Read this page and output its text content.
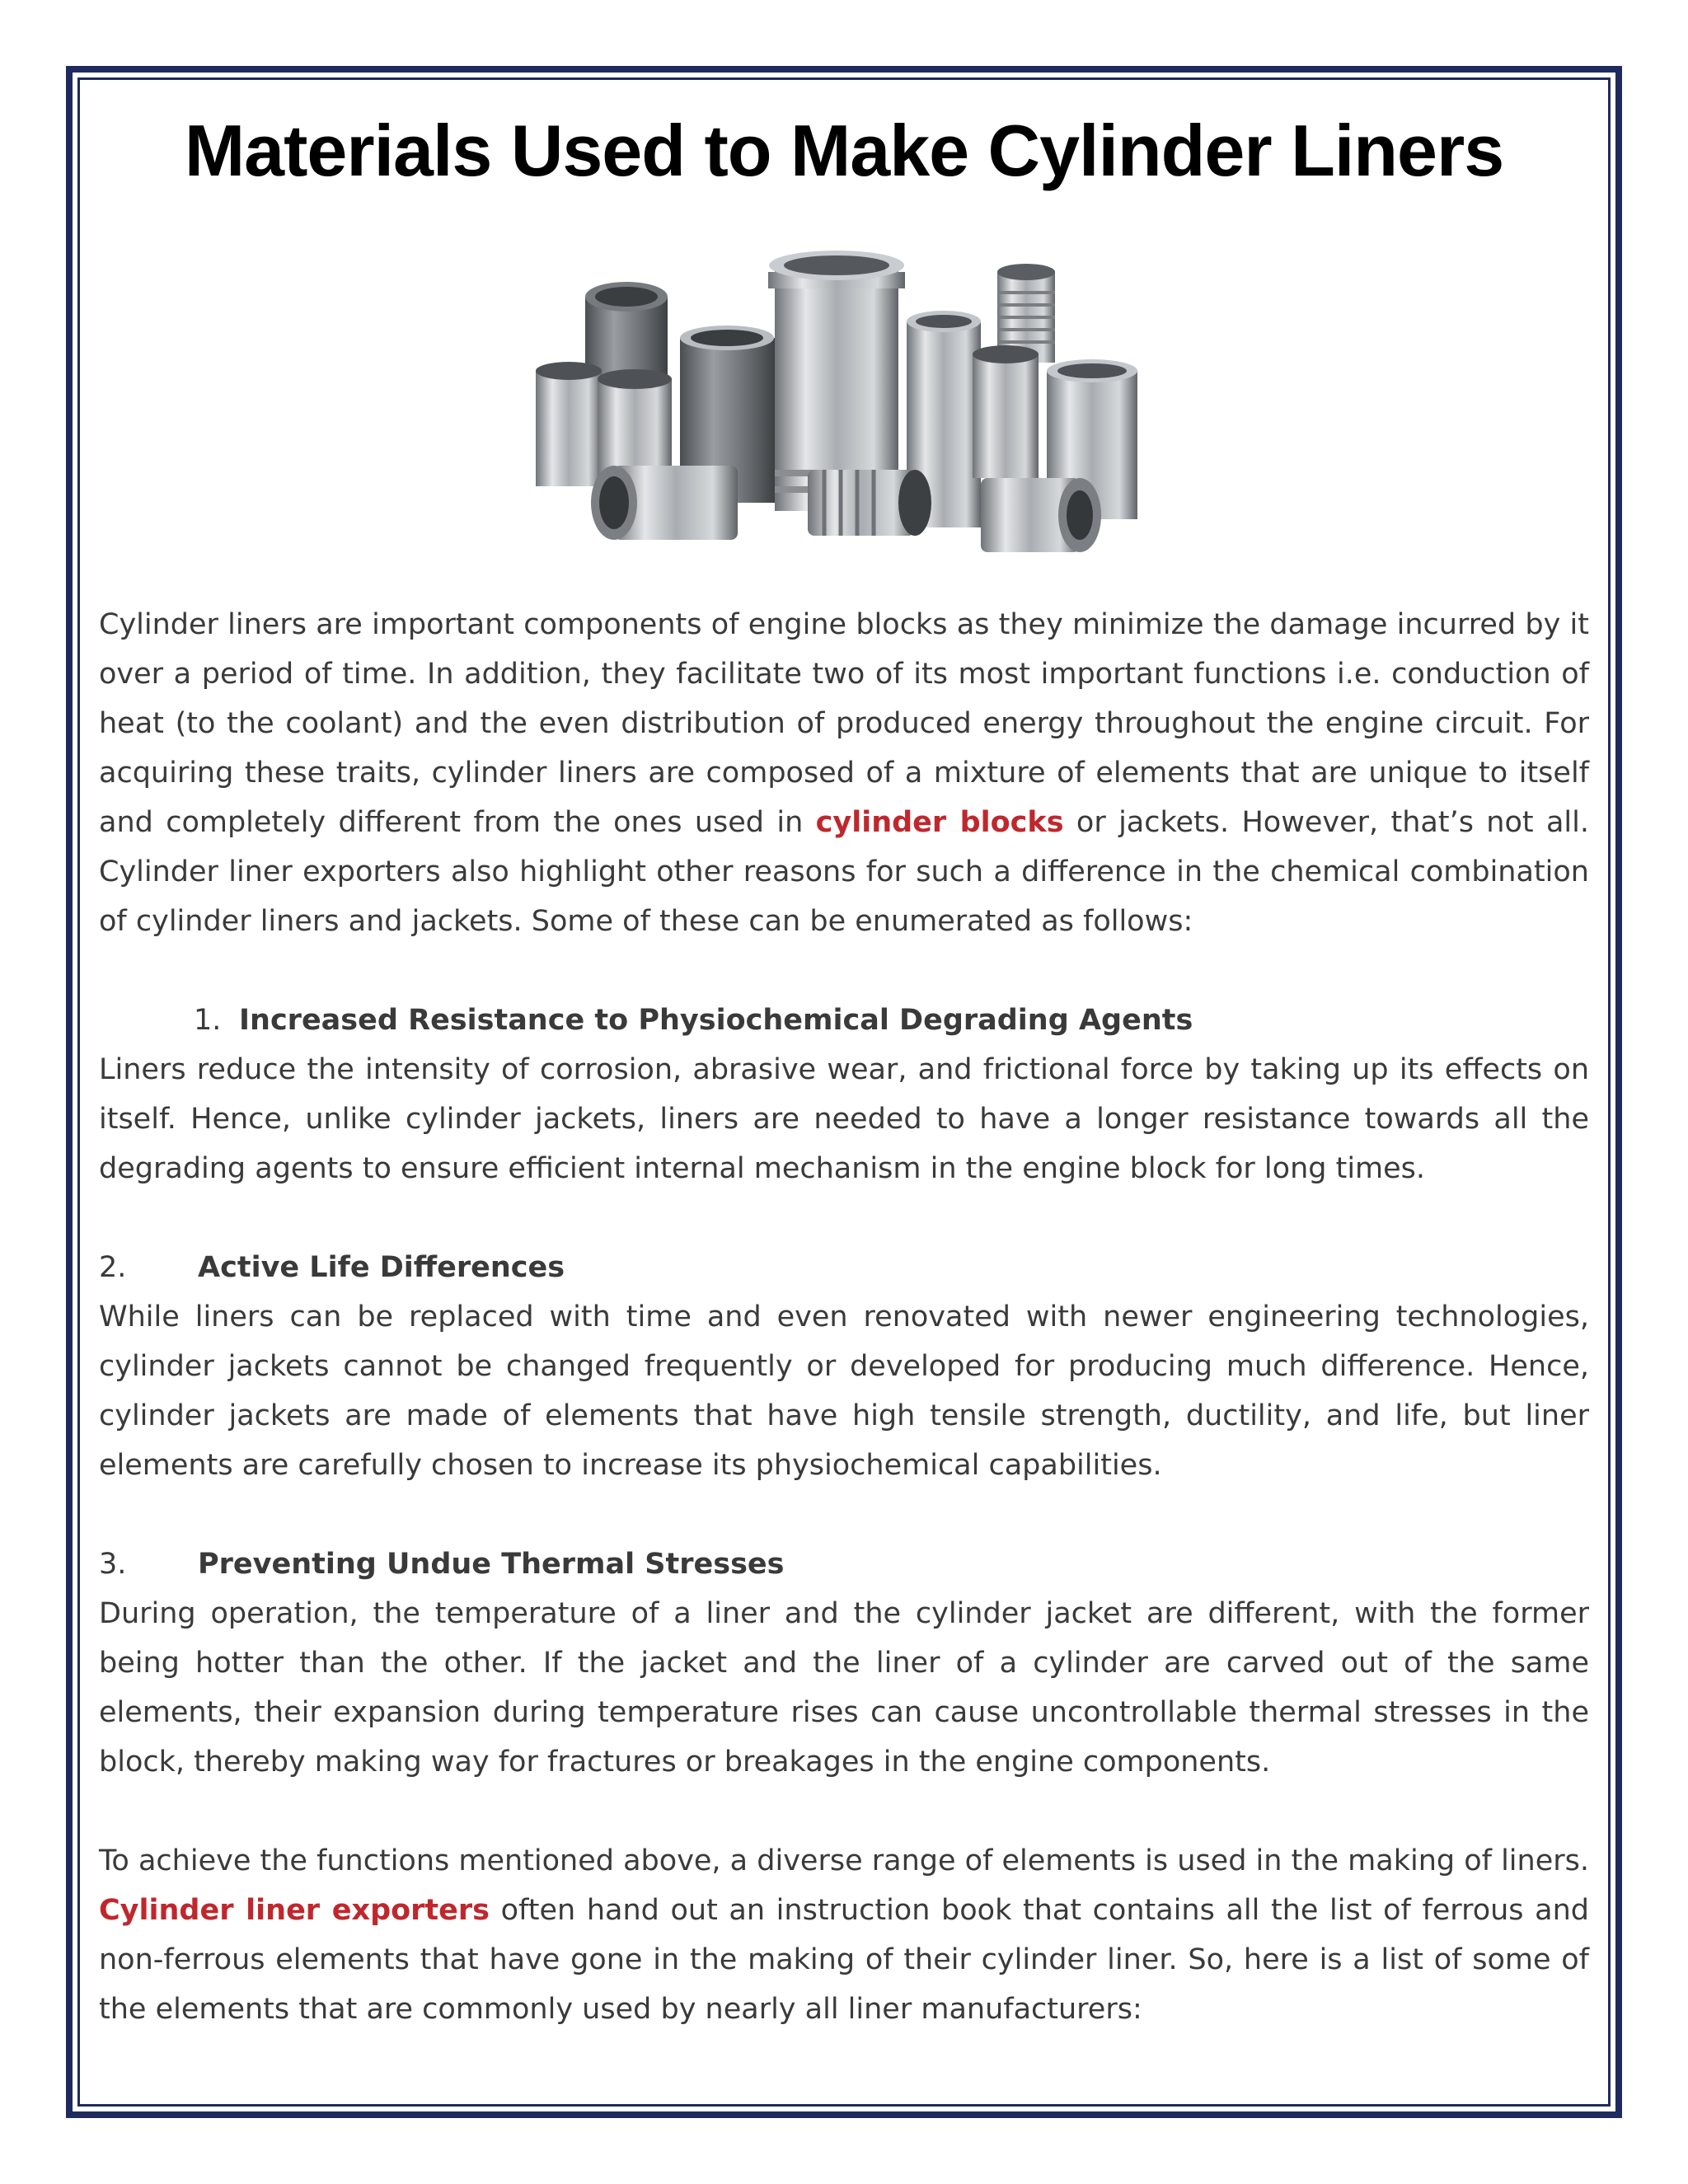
Materials Used to Make Cylinder Liners

Cylinder liners are important components of engine blocks as they minimize the damage incurred by it over a period of time. In addition, they facilitate two of its most important functions i.e. conduction of heat (to the coolant) and the even distribution of produced energy throughout the engine circuit. For acquiring these traits, cylinder liners are composed of a mixture of elements that are unique to itself and completely different from the ones used in cylinder blocks or jackets. However, that’s not all. Cylinder liner exporters also highlight other reasons for such a difference in the chemical combination of cylinder liners and jackets. Some of these can be enumerated as follows:

1. Increased Resistance to Physiochemical Degrading Agents

Liners reduce the intensity of corrosion, abrasive wear, and frictional force by taking up its effects on itself. Hence, unlike cylinder jackets, liners are needed to have a longer resistance towards all the degrading agents to ensure efficient internal mechanism in the engine block for long times.

2. Active Life Differences

While liners can be replaced with time and even renovated with newer engineering technologies, cylinder jackets cannot be changed frequently or developed for producing much difference. Hence, cylinder jackets are made of elements that have high tensile strength, ductility, and life, but liner elements are carefully chosen to increase its physiochemical capabilities.

3. Preventing Undue Thermal Stresses

During operation, the temperature of a liner and the cylinder jacket are different, with the former being hotter than the other. If the jacket and the liner of a cylinder are carved out of the same elements, their expansion during temperature rises can cause uncontrollable thermal stresses in the block, thereby making way for fractures or breakages in the engine components.

To achieve the functions mentioned above, a diverse range of elements is used in the making of liners. Cylinder liner exporters often hand out an instruction book that contains all the list of ferrous and non-ferrous elements that have gone in the making of their cylinder liner. So, here is a list of some of the elements that are commonly used by nearly all liner manufacturers:
